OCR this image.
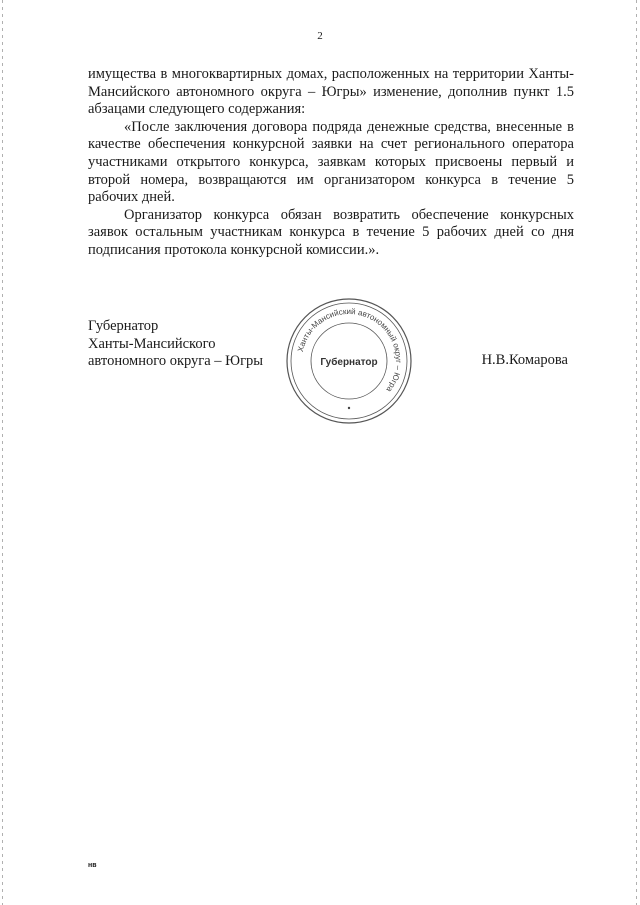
2

имущества в многоквартирных домах, расположенных на территории Ханты-Мансийского автономного округа – Югры» изменение, дополнив пункт 1.5 абзацами следующего содержания:

«После заключения договора подряда денежные средства, внесенные в качестве обеспечения конкурсной заявки на счет регионального оператора участниками открытого конкурса, заявкам которых присвоены первый и второй номера, возвращаются им организатором конкурса в течение 5 рабочих дней.

Организатор конкурса обязан возвратить обеспечение конкурсных заявок остальным участникам конкурса в течение 5 рабочих дней со дня подписания протокола конкурсной комиссии.».

Губернатор
Ханты-Мансийского
автономного округа – Югры	Н.В.Комарова
Ханты-Мансийский автономный округ – Югра
Губернатор
нв
